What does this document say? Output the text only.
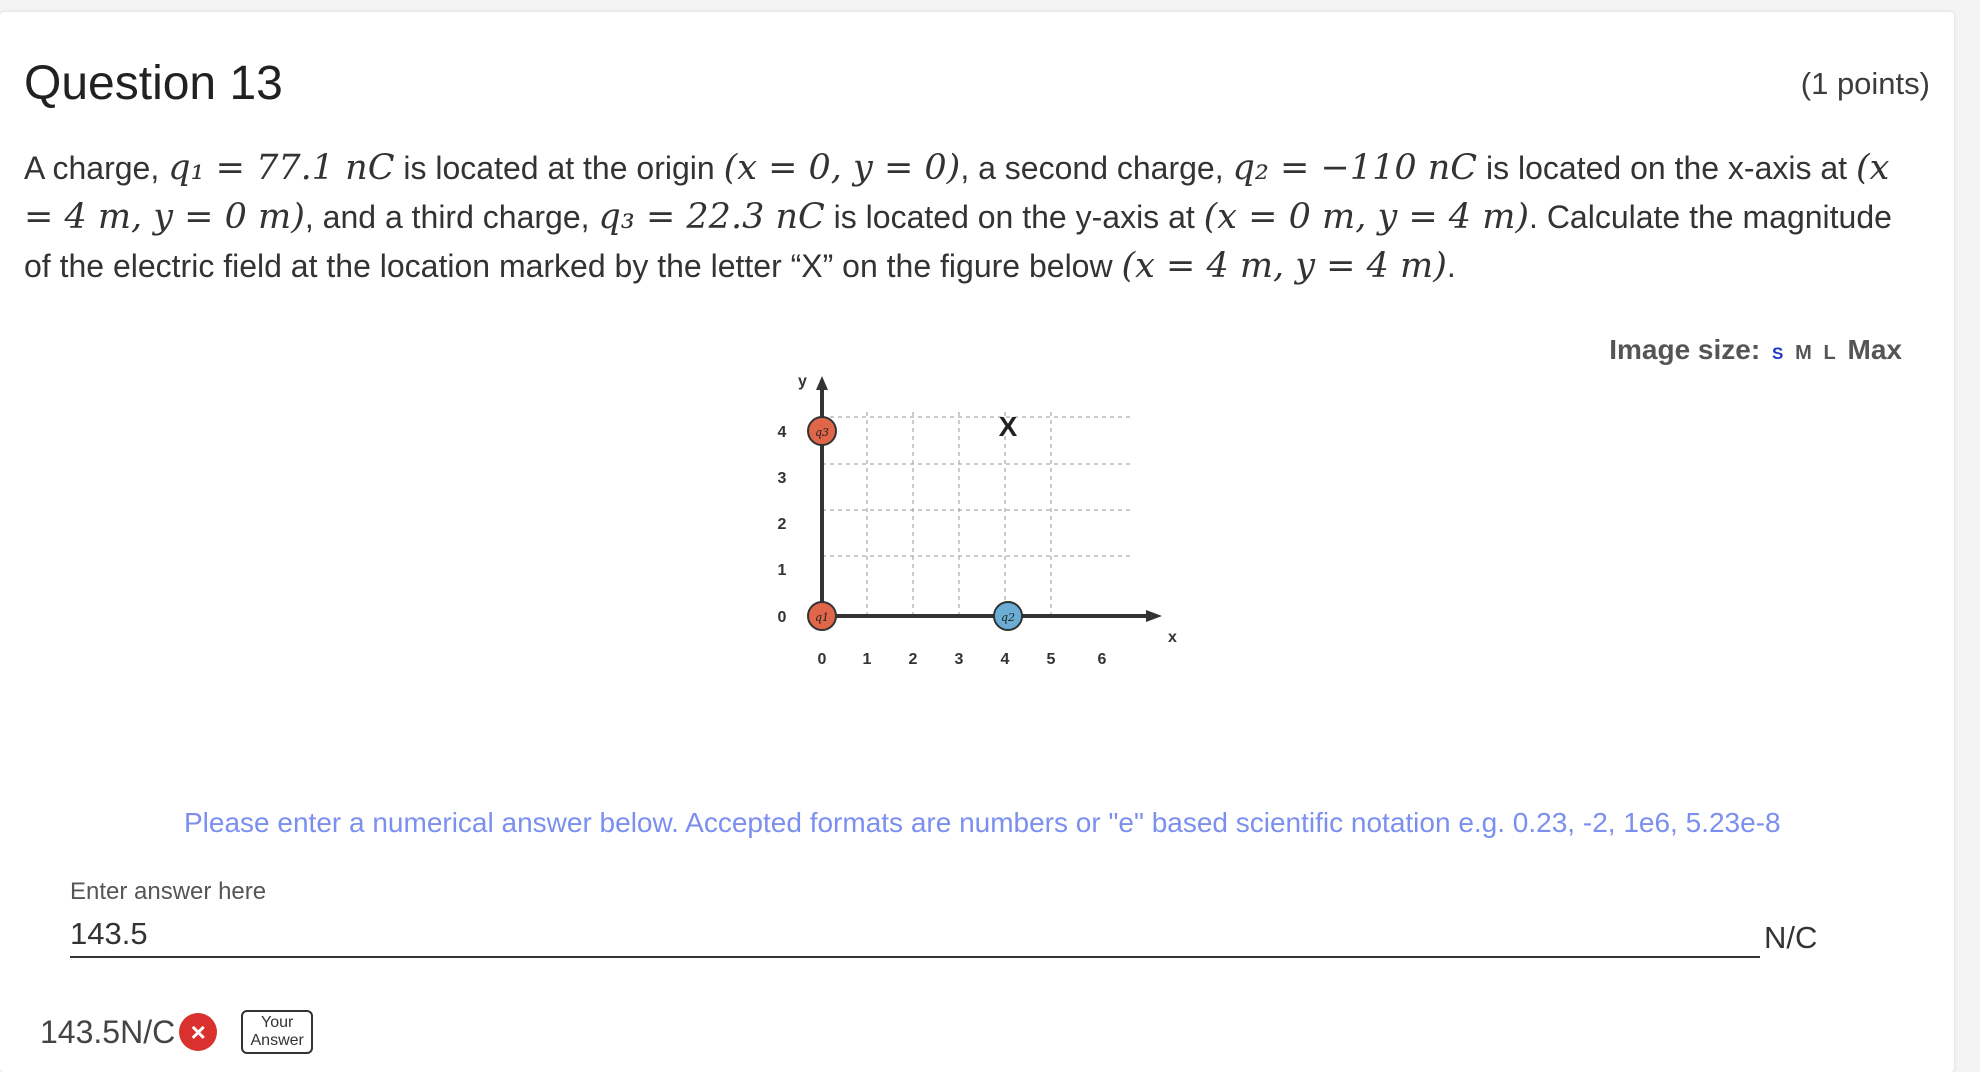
Question 13	(1 points)
A charge, q₁ = 77.1 nC is located at the origin (x = 0, y = 0), a second charge, q₂ = −110 nC is located on the x-axis at (x = 4 m, y = 0 m), and a third charge, q₃ = 22.3 nC is located on the y-axis at (x = 0 m, y = 4 m). Calculate the magnitude of the electric field at the location marked by the letter “X” on the figure below (x = 4 m, y = 4 m).
Image size: S M L Max
y
x
0 1 2 3 4 5	6
0
1
2
3
4	X
q3
q1	q2
Please enter a numerical answer below. Accepted formats are numbers or "e" based scientific notation e.g. 0.23, -2, 1e6, 5.23e-8
Enter answer here
143.5
N/C
143.5N/C ×	Your
Answer
